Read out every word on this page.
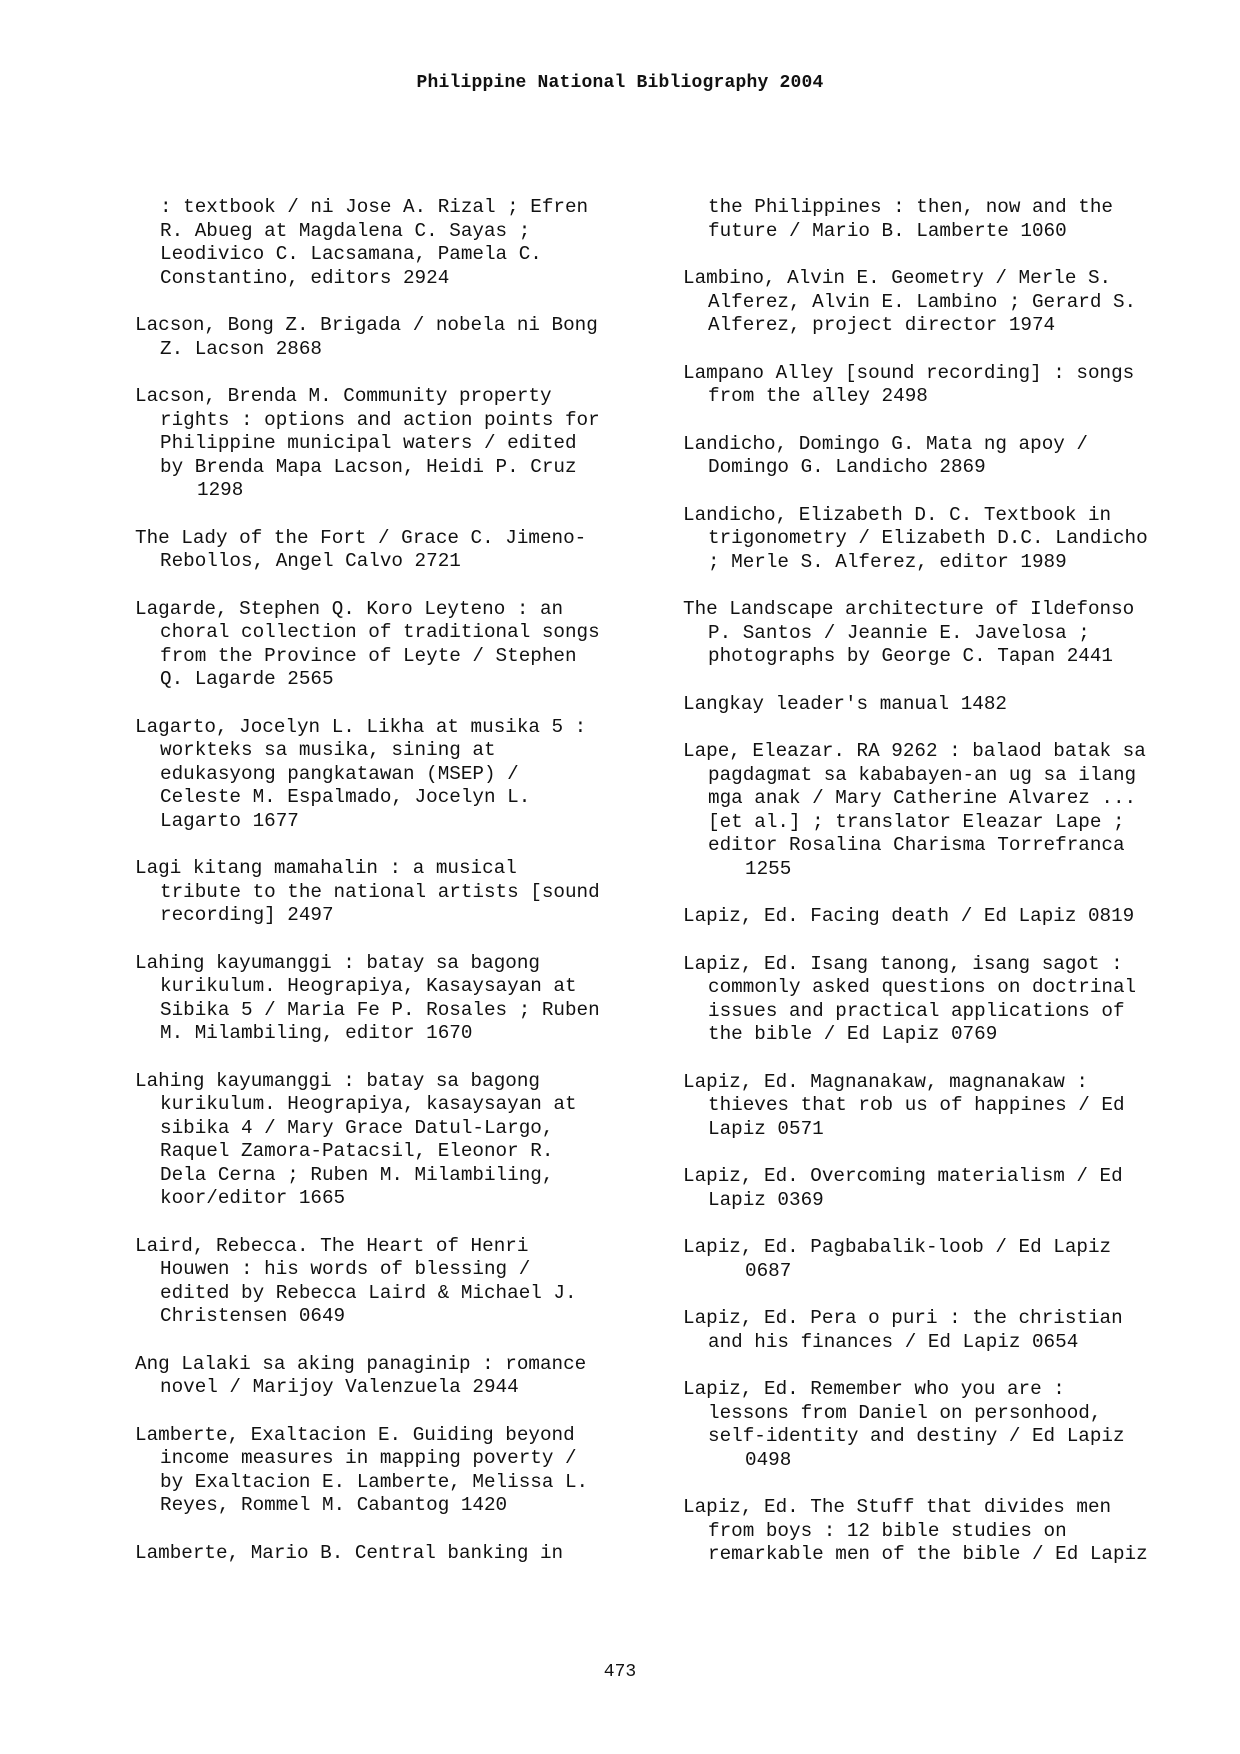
Philippine National Bibliography 2004
: textbook / ni Jose A. Rizal ; Efren
R. Abueg at Magdalena C. Sayas ;
Leodivico C. Lacsamana, Pamela C.
Constantino, editors 2924
Lacson, Bong Z. Brigada / nobela ni Bong
Z. Lacson 2868
Lacson, Brenda M. Community property
rights : options and action points for
Philippine municipal waters / edited
by Brenda Mapa Lacson, Heidi P. Cruz
1298
The Lady of the Fort / Grace C. Jimeno-
Rebollos, Angel Calvo 2721
Lagarde, Stephen Q. Koro Leyteno : an
choral collection of traditional songs
from the Province of Leyte / Stephen
Q. Lagarde 2565
Lagarto, Jocelyn L. Likha at musika 5 :
workteks sa musika, sining at
edukasyong pangkatawan (MSEP) /
Celeste M. Espalmado, Jocelyn L.
Lagarto 1677
Lagi kitang mamahalin : a musical
tribute to the national artists [sound
recording] 2497
Lahing kayumanggi : batay sa bagong
kurikulum. Heograpiya, Kasaysayan at
Sibika 5 / Maria Fe P. Rosales ; Ruben
M. Milambiling, editor 1670
Lahing kayumanggi : batay sa bagong
kurikulum. Heograpiya, kasaysayan at
sibika 4 / Mary Grace Datul-Largo,
Raquel Zamora-Patacsil, Eleonor R.
Dela Cerna ; Ruben M. Milambiling,
koor/editor 1665
Laird, Rebecca. The Heart of Henri
Houwen : his words of blessing /
edited by Rebecca Laird & Michael J.
Christensen 0649
Ang Lalaki sa aking panaginip : romance
novel / Marijoy Valenzuela 2944
Lamberte, Exaltacion E. Guiding beyond
income measures in mapping poverty /
by Exaltacion E. Lamberte, Melissa L.
Reyes, Rommel M. Cabantog 1420
Lamberte, Mario B. Central banking in
the Philippines : then, now and the
future / Mario B. Lamberte 1060
Lambino, Alvin E. Geometry / Merle S.
Alferez, Alvin E. Lambino ; Gerard S.
Alferez, project director 1974
Lampano Alley [sound recording] : songs
from the alley 2498
Landicho, Domingo G. Mata ng apoy /
Domingo G. Landicho 2869
Landicho, Elizabeth D. C. Textbook in
trigonometry / Elizabeth D.C. Landicho
; Merle S. Alferez, editor 1989
The Landscape architecture of Ildefonso
P. Santos / Jeannie E. Javelosa ;
photographs by George C. Tapan 2441
Langkay leader's manual 1482
Lape, Eleazar. RA 9262 : balaod batak sa
pagdagmat sa kababayen-an ug sa ilang
mga anak / Mary Catherine Alvarez ...
[et al.] ; translator Eleazar Lape ;
editor Rosalina Charisma Torrefranca
1255
Lapiz, Ed. Facing death / Ed Lapiz 0819
Lapiz, Ed. Isang tanong, isang sagot :
commonly asked questions on doctrinal
issues and practical applications of
the bible / Ed Lapiz 0769
Lapiz, Ed. Magnanakaw, magnanakaw :
thieves that rob us of happines / Ed
Lapiz 0571
Lapiz, Ed. Overcoming materialism / Ed
Lapiz 0369
Lapiz, Ed. Pagbabalik-loob / Ed Lapiz
0687
Lapiz, Ed. Pera o puri : the christian
and his finances / Ed Lapiz 0654
Lapiz, Ed. Remember who you are :
lessons from Daniel on personhood,
self-identity and destiny / Ed Lapiz
0498
Lapiz, Ed. The Stuff that divides men
from boys : 12 bible studies on
remarkable men of the bible / Ed Lapiz
473
